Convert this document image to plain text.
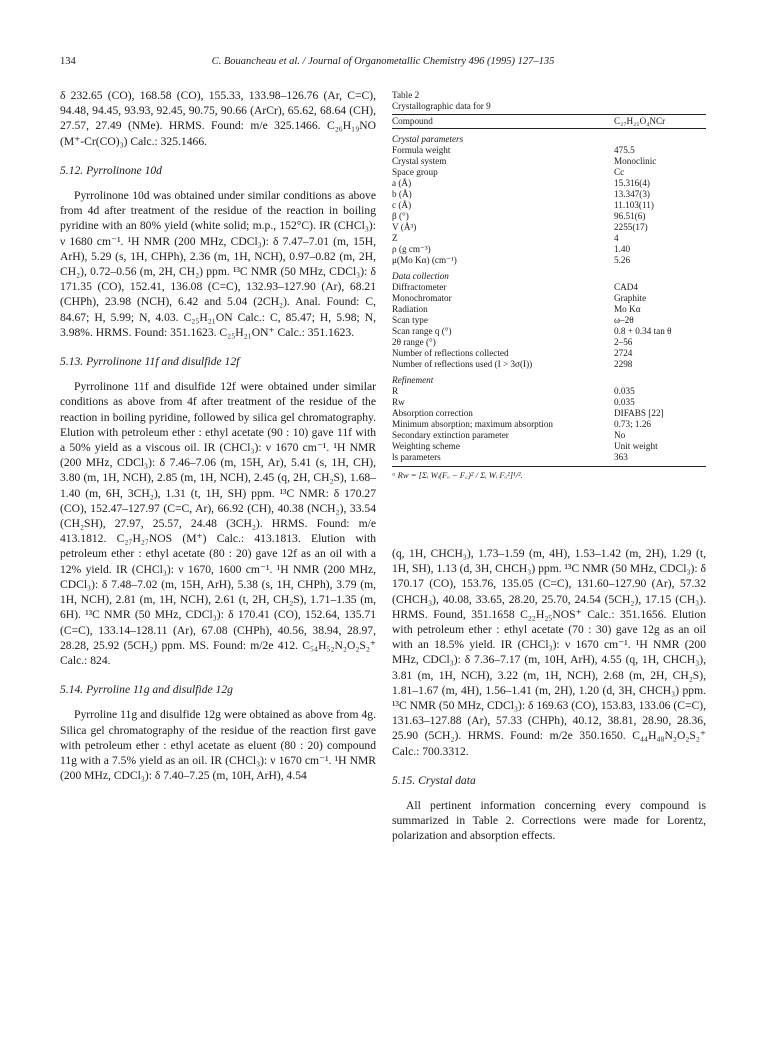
134	C. Bouancheau et al. / Journal of Organometallic Chemistry 496 (1995) 127–135

δ 232.65 (CO), 168.58 (CO), 155.33, 133.98–126.76 (Ar, C=C), 94.48, 94.45, 93.93, 92.45, 90.75, 90.66 (ArCr), 65.62, 68.64 (CH), 27.57, 27.49 (NMe). HRMS. Found: m/e 325.1466. C₂₆H₁₉NO (M⁺-Cr(CO)₃) Calc.: 325.1466.

5.12. Pyrrolinone 10d

Pyrrolinone 10d was obtained under similar conditions as above from 4d after treatment of the residue of the reaction in boiling pyridine with an 80% yield (white solid; m.p., 152°C). IR (CHCl₃): ν 1680 cm⁻¹. ¹H NMR (200 MHz, CDCl₃): δ 7.47–7.01 (m, 15H, ArH), 5.29 (s, 1H, CHPh), 2.36 (m, 1H, NCH), 0.97–0.82 (m, 2H, CH₂), 0.72–0.56 (m, 2H, CH₂) ppm. ¹³C NMR (50 MHz, CDCl₃): δ 171.35 (CO), 152.41, 136.08 (C=C), 132.93–127.90 (Ar), 68.21 (CHPh), 23.98 (NCH), 6.42 and 5.04 (2CH₂). Anal. Found: C, 84.67; H, 5.99; N, 4.03. C₂₅H₂₁ON Calc.: C, 85.47; H, 5.98; N, 3.98%. HRMS. Found: 351.1623. C₂₅H₂₁ON⁺ Calc.: 351.1623.

5.13. Pyrrolinone 11f and disulfide 12f

Pyrrolinone 11f and disulfide 12f were obtained under similar conditions as above from 4f after treatment of the residue of the reaction in boiling pyridine, followed by silica gel chromatography. Elution with petroleum ether : ethyl acetate (90 : 10) gave 11f with a 50% yield as a viscous oil. IR (CHCl₃): ν 1670 cm⁻¹. ¹H NMR (200 MHz, CDCl₃): δ 7.46–7.06 (m, 15H, Ar), 5.41 (s, 1H, CH), 3.80 (m, 1H, NCH), 2.85 (m, 1H, NCH), 2.45 (q, 2H, CH₂S), 1.68–1.40 (m, 6H, 3CH₂), 1.31 (t, 1H, SH) ppm. ¹³C NMR: δ 170.27 (CO), 152.47–127.97 (C=C, Ar), 66.92 (CH), 40.38 (NCH₂), 33.54 (CH₂SH), 27.97, 25.57, 24.48 (3CH₂). HRMS. Found: m/e 413.1812. C₂₇H₂₇NOS (M⁺) Calc.: 413.1813. Elution with petroleum ether : ethyl acetate (80 : 20) gave 12f as an oil with a 12% yield. IR (CHCl₃): ν 1670, 1600 cm⁻¹. ¹H NMR (200 MHz, CDCl₃): δ 7.48–7.02 (m, 15H, ArH), 5.38 (s, 1H, CHPh), 3.79 (m, 1H, NCH), 2.81 (m, 1H, NCH), 2.61 (t, 2H, CH₂S), 1.71–1.35 (m, 6H). ¹³C NMR (50 MHz, CDCl₃): δ 170.41 (CO), 152.64, 135.71 (C=C), 133.14–128.11 (Ar), 67.08 (CHPh), 40.56, 38.94, 28.97, 28.28, 25.92 (5CH₂) ppm. MS. Found: m/2e 412. C₅₄H₅₂N₂O₂S₂⁺ Calc.: 824.

5.14. Pyrroline 11g and disulfide 12g

Pyrroline 11g and disulfide 12g were obtained as above from 4g. Silica gel chromatography of the residue of the reaction first gave with petroleum ether : ethyl acetate as eluent (80 : 20) compound 11g with a 7.5% yield as an oil. IR (CHCl₃): ν 1670 cm⁻¹. ¹H NMR (200 MHz, CDCl₃): δ 7.40–7.25 (m, 10H, ArH), 4.54

Table 2

Crystallographic data for 9

Compound	C₂₇H₂₁O₄NCr
Crystal parameters
Formula weight	475.5
Crystal system	Monoclinic
Space group	Cc
a (Å)	15.316(4)
b (Å)	13.347(3)
c (Å)	11.103(11)
β (°)	96.51(6)
V (Å³)	2255(17)
Z	4
ρ (g cm⁻³)	1.40
μ(Mo Kα) (cm⁻¹)	5.26
Data collection
Diffractometer	CAD4
Monochromator	Graphite
Radiation	Mo Kα
Scan type	ω–2θ
Scan range q (°)	0.8 + 0.34 tan θ
2θ range (°)	2–56
Number of reflections collected	2724
Number of reflections used (I > 3σ(I))	2298
Refinement
R	0.035
Rw	0.035
Absorption correction	DIFABS [22]
Minimum absorption; maximum absorption	0.73; 1.26
Secondary extinction parameter	No
Weighting scheme	Unit weight
ls parameters	363
ᵃ Rw = [Σᵢ Wᵢ(Fₒ − F꜀)² / Σᵢ Wᵢ Fₒ²]¹/².

(q, 1H, CHCH₃), 1.73–1.59 (m, 4H), 1.53–1.42 (m, 2H), 1.29 (t, 1H, SH), 1.13 (d, 3H, CHCH₃) ppm. ¹³C NMR (50 MHz, CDCl₃): δ 170.17 (CO), 153.76, 135.05 (C=C), 131.60–127.90 (Ar), 57.32 (CHCH₃), 40.08, 33.65, 28.20, 25.70, 24.54 (5CH₂), 17.15 (CH₃). HRMS. Found, 351.1658 C₂₂H₂₅NOS⁺ Calc.: 351.1656. Elution with petroleum ether : ethyl acetate (70 : 30) gave 12g as an oil with an 18.5% yield. IR (CHCl₃): ν 1670 cm⁻¹. ¹H NMR (200 MHz, CDCl₃): δ 7.36–7.17 (m, 10H, ArH), 4.55 (q, 1H, CHCH₃), 3.81 (m, 1H, NCH), 3.22 (m, 1H, NCH), 2.68 (m, 2H, CH₂S), 1.81–1.67 (m, 4H), 1.56–1.41 (m, 2H), 1.20 (d, 3H, CHCH₃) ppm. ¹³C NMR (50 MHz, CDCl₃): δ 169.63 (CO), 153.83, 133.06 (C=C), 131.63–127.88 (Ar), 57.33 (CHPh), 40.12, 38.81, 28.90, 28.36, 25.90 (5CH₂). HRMS. Found: m/2e 350.1650. C₄₄H₄₈N₂O₂S₂⁺ Calc.: 700.3312.

5.15. Crystal data

All pertinent information concerning every compound is summarized in Table 2. Corrections were made for Lorentz, polarization and absorption effects.
